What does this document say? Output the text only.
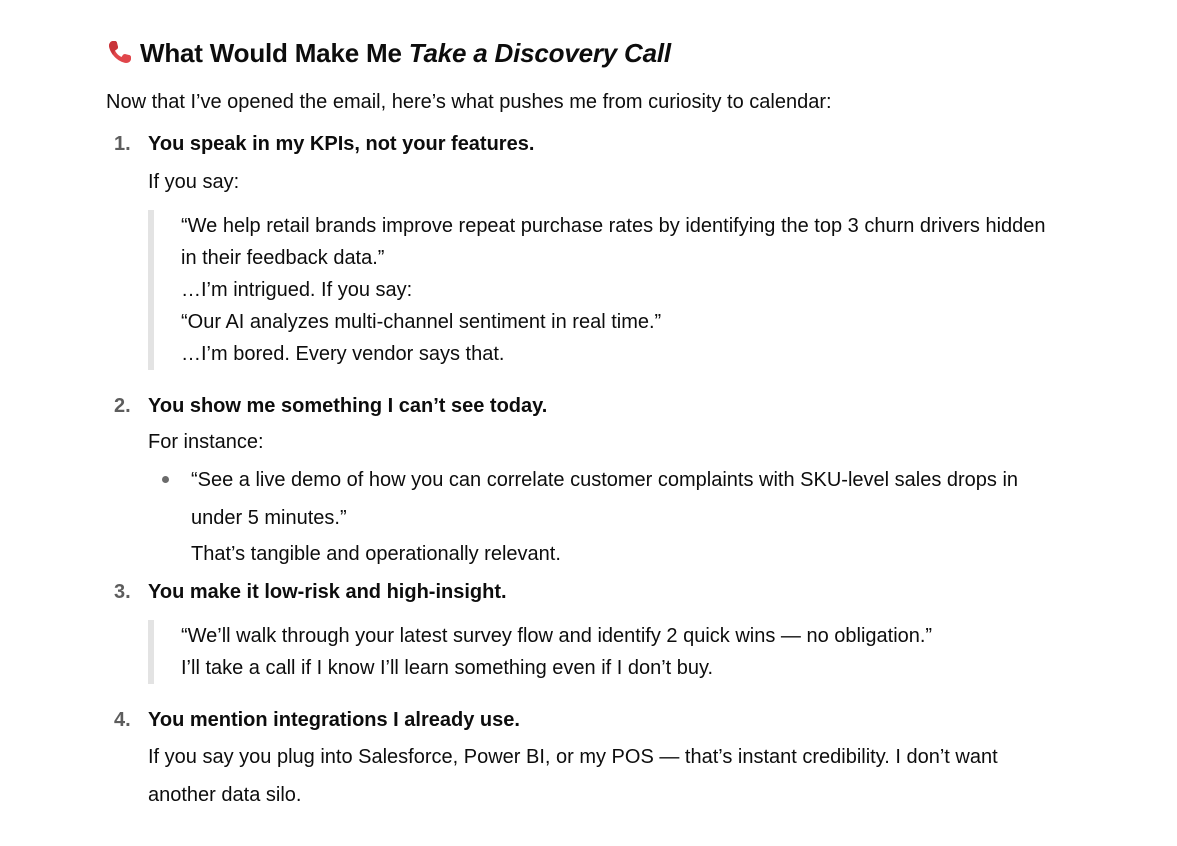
What Would Make Me Take a Discovery Call
Now that I’ve opened the email, here’s what pushes me from curiosity to calendar:
1. You speak in my KPIs, not your features.
If you say:
“We help retail brands improve repeat purchase rates by identifying the top 3 churn drivers hidden
in their feedback data.”
…I’m intrigued. If you say:
“Our AI analyzes multi-channel sentiment in real time.”
…I’m bored. Every vendor says that.
2. You show me something I can’t see today.
For instance:
“See a live demo of how you can correlate customer complaints with SKU-level sales drops in
under 5 minutes.”
That’s tangible and operationally relevant.
3. You make it low-risk and high-insight.
“We’ll walk through your latest survey flow and identify 2 quick wins — no obligation.”
I’ll take a call if I know I’ll learn something even if I don’t buy.
4. You mention integrations I already use.
If you say you plug into Salesforce, Power BI, or my POS — that’s instant credibility. I don’t want
another data silo.
